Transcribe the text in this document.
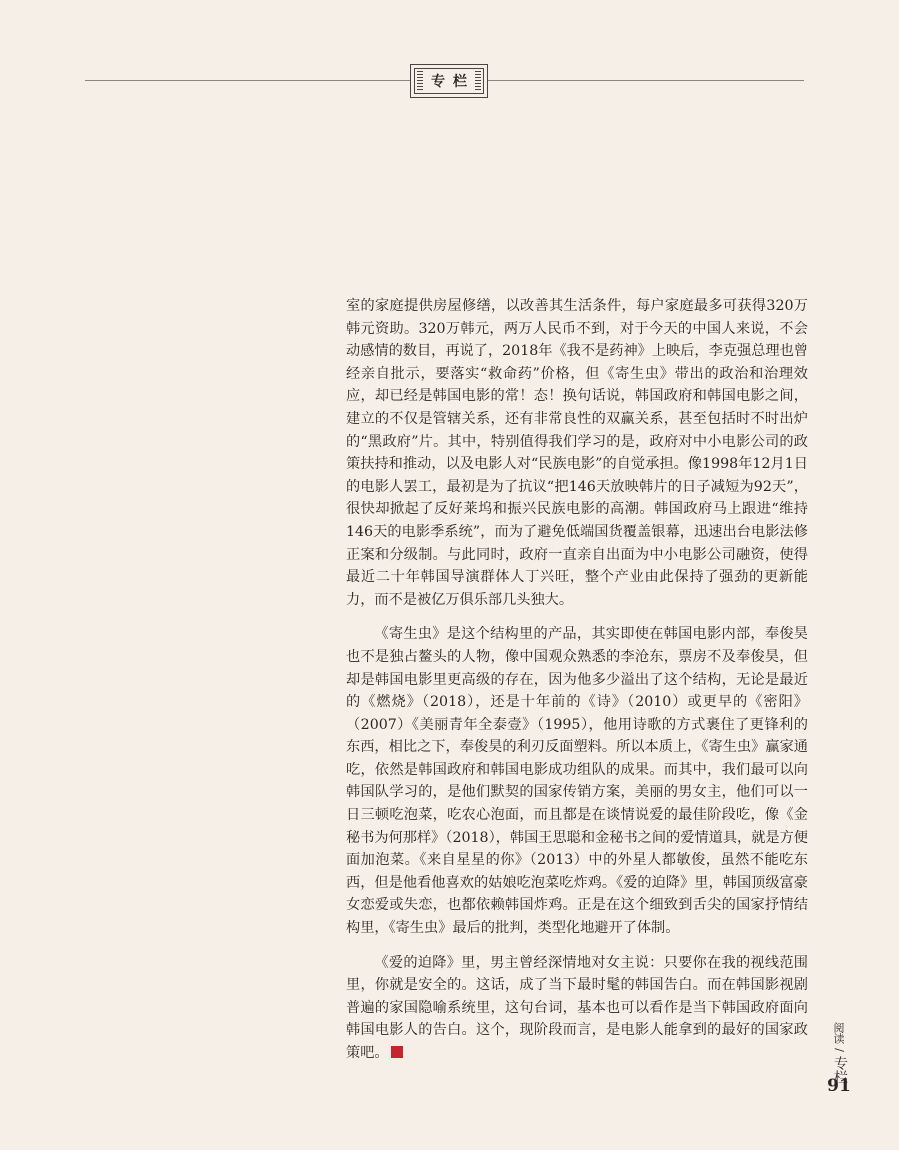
专栏

室的家庭提供房屋修缮，以改善其生活条件，每户家庭最多可获得320万韩元资助。320万韩元，两万人民币不到，对于今天的中国人来说，不会动感情的数目，再说了，2018年《我不是药神》上映后，李克强总理也曾经亲自批示，要落实“救命药”价格，但《寄生虫》带出的政治和治理效应，却已经是韩国电影的常！态！换句话说，韩国政府和韩国电影之间，建立的不仅是管辖关系，还有非常良性的双赢关系，甚至包括时不时出炉的“黑政府”片。其中，特别值得我们学习的是，政府对中小电影公司的政策扶持和推动，以及电影人对“民族电影”的自觉承担。像1998年12月1日的电影人罢工，最初是为了抗议“把146天放映韩片的日子减短为92天”，很快却掀起了反好莱坞和振兴民族电影的高潮。韩国政府马上跟进“维持146天的电影季系统”，而为了避免低端国货覆盖银幕，迅速出台电影法修正案和分级制。与此同时，政府一直亲自出面为中小电影公司融资，使得最近二十年韩国导演群体人丁兴旺，整个产业由此保持了强劲的更新能力，而不是被亿万俱乐部几头独大。

《寄生虫》是这个结构里的产品，其实即使在韩国电影内部，奉俊昊也不是独占鳌头的人物，像中国观众熟悉的李沧东，票房不及奉俊昊，但却是韩国电影里更高级的存在，因为他多少溢出了这个结构，无论是最近的《燃烧》（2018），还是十年前的《诗》（2010）或更早的《密阳》（2007）《美丽青年全泰壹》（1995），他用诗歌的方式裹住了更锋利的东西，相比之下，奉俊昊的利刃反面塑料。所以本质上，《寄生虫》赢家通吃，依然是韩国政府和韩国电影成功组队的成果。而其中，我们最可以向韩国队学习的，是他们默契的国家传销方案，美丽的男女主，他们可以一日三顿吃泡菜，吃农心泡面，而且都是在谈情说爱的最佳阶段吃，像《金秘书为何那样》（2018），韩国王思聪和金秘书之间的爱情道具，就是方便面加泡菜。《来自星星的你》（2013）中的外星人都敏俊，虽然不能吃东西，但是他看他喜欢的姑娘吃泡菜吃炸鸡。《爱的迫降》里，韩国顶级富豪女恋爱或失恋，也都依赖韩国炸鸡。正是在这个细致到舌尖的国家抒情结构里，《寄生虫》最后的批判，类型化地避开了体制。

《爱的迫降》里，男主曾经深情地对女主说：只要你在我的视线范围里，你就是安全的。这话，成了当下最时髦的韩国告白。而在韩国影视剧普遍的家国隐喻系统里，这句台词，基本也可以看作是当下韩国政府面向韩国电影人的告白。这个，现阶段而言，是电影人能拿到的最好的国家政策吧。

阅读
/
专栏
91
